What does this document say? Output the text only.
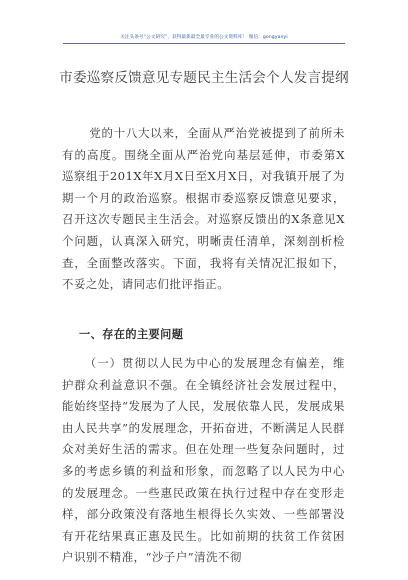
关注头条号“公文研究”，获得最新最全最专业的公文资料库！ 微信：gongyanyi
市委巡察反馈意见专题民主生活会个人发言提纲
党的十八大以来，全面从严治党被提到了前所未有的高度。围绕全面从严治党向基层延伸，市委第X巡察组于201X年X月X日至X月X日，对我镇开展了为期一个月的政治巡察。根据市委巡察反馈意见要求，召开这次专题民主生活会。对巡察反馈出的X条意见X个问题，认真深入研究，明晰责任清单，深刻剖析检查，全面整改落实。下面，我将有关情况汇报如下，不妥之处，请同志们批评指正。
一、存在的主要问题
（一）贯彻以人民为中心的发展理念有偏差，维护群众利益意识不强。在全镇经济社会发展过程中，能始终坚持“发展为了人民，发展依靠人民，发展成果由人民共享”的发展理念，开拓奋进，不断满足人民群众对美好生活的需求。但在处理一些复杂问题时，过多的考虑乡镇的利益和形象，而忽略了以人民为中心的发展理念。一些惠民政策在执行过程中存在变形走样，部分政策没有落地生根得长久实效、一些部署没有开花结果真正惠及民生。比如前期的扶贫工作贫困户识别不精准，“沙子户”清洗不彻
